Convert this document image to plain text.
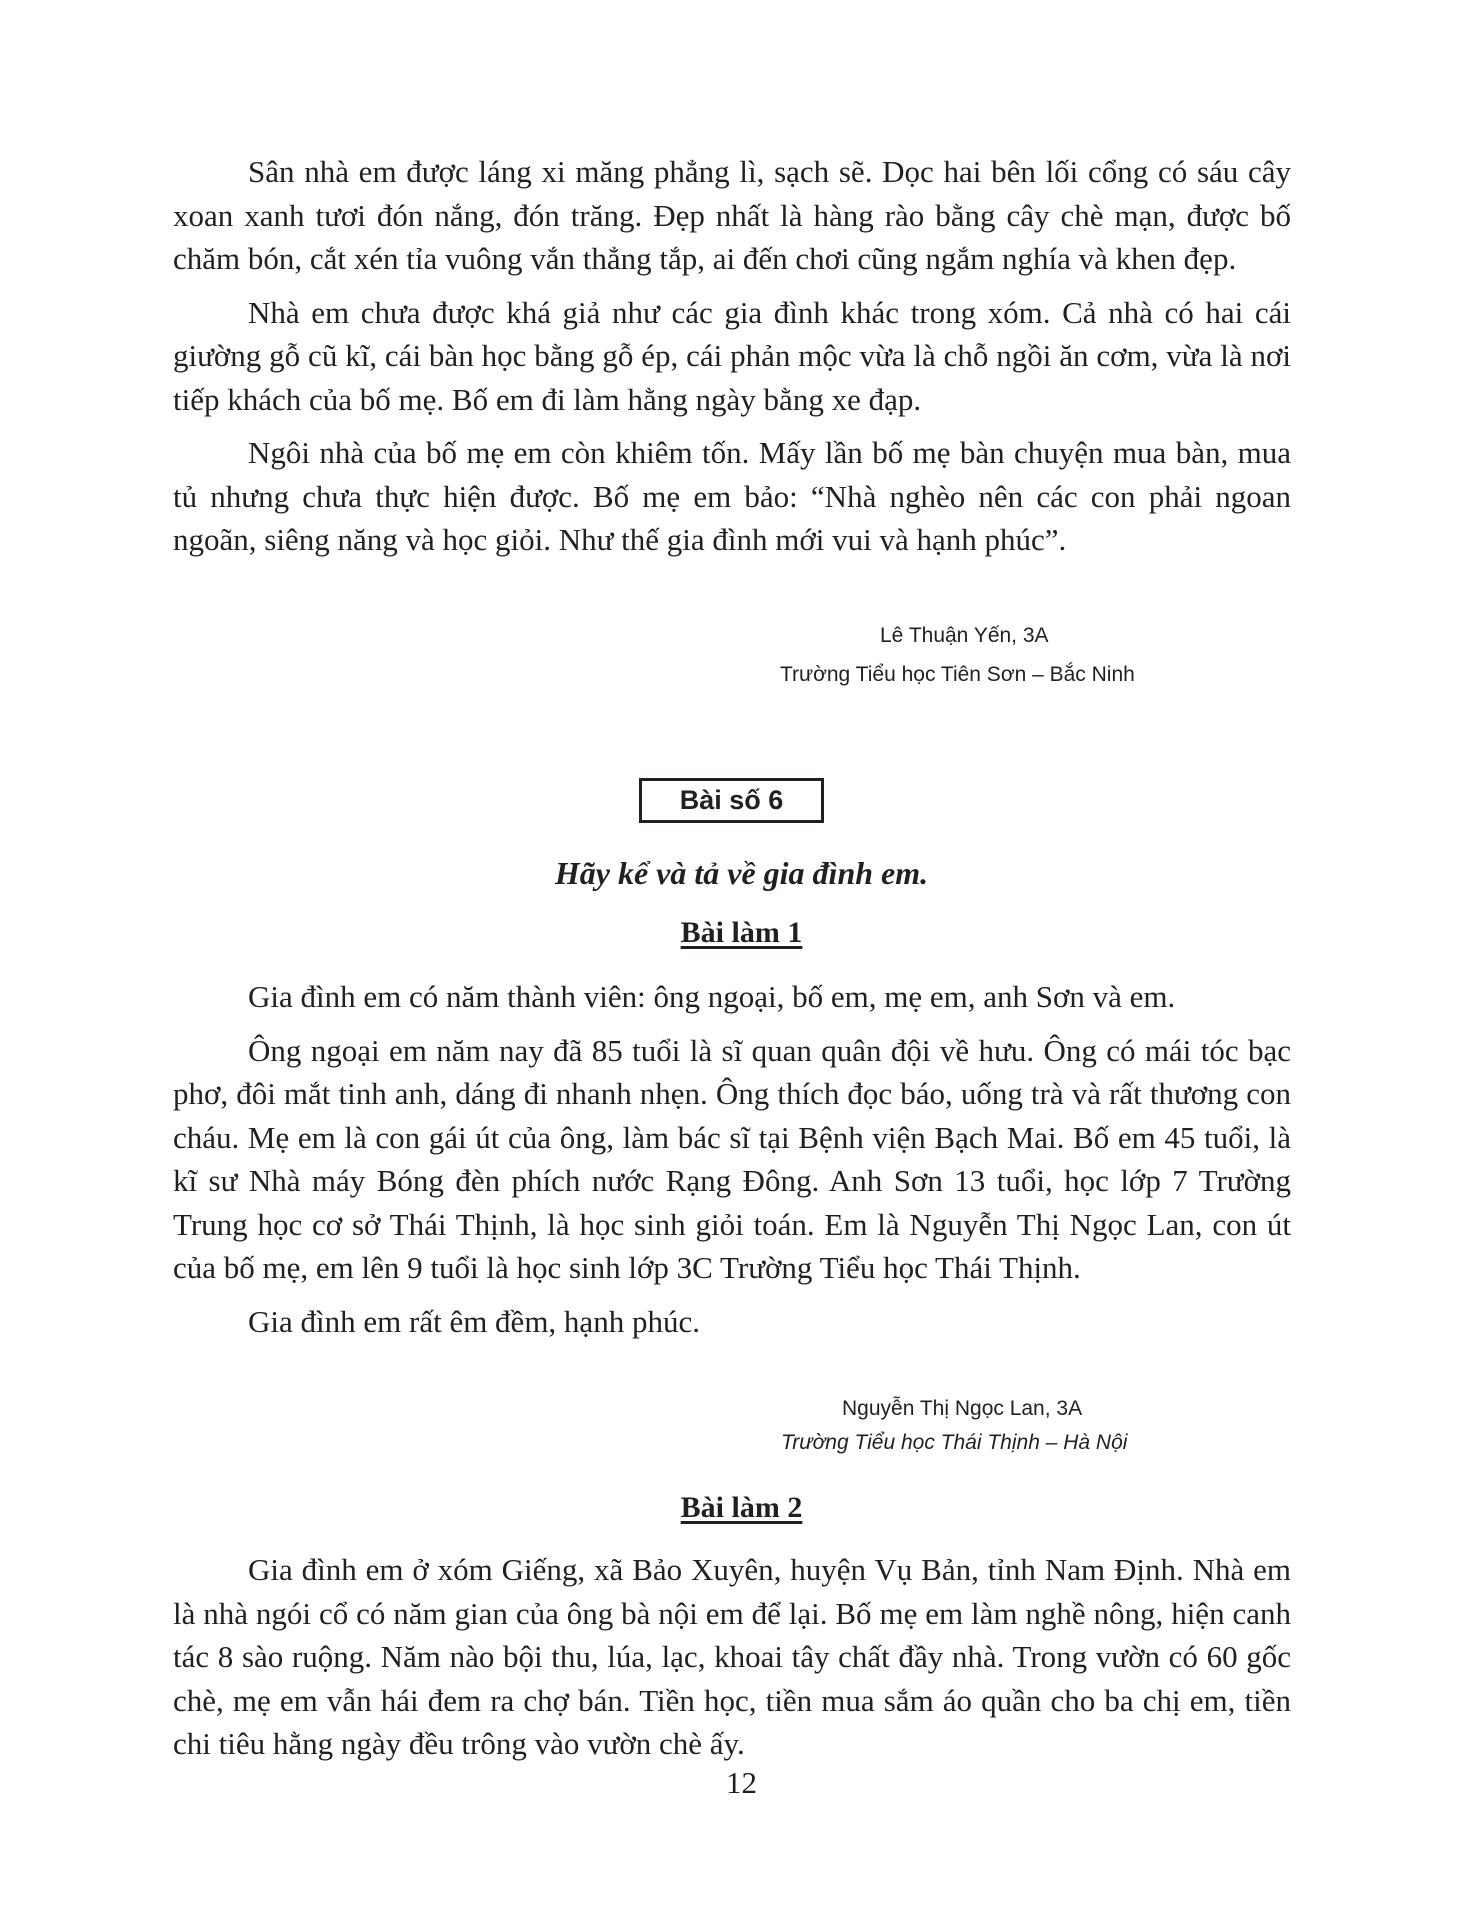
Sân nhà em được láng xi măng phẳng lì, sạch sẽ. Dọc hai bên lối cổng có sáu cây xoan xanh tươi đón nắng, đón trăng. Đẹp nhất là hàng rào bằng cây chè mạn, được bố chăm bón, cắt xén tỉa vuông vắn thẳng tắp, ai đến chơi cũng ngắm nghía và khen đẹp.

Nhà em chưa được khá giả như các gia đình khác trong xóm. Cả nhà có hai cái giường gỗ cũ kĩ, cái bàn học bằng gỗ ép, cái phản mộc vừa là chỗ ngồi ăn cơm, vừa là nơi tiếp khách của bố mẹ. Bố em đi làm hằng ngày bằng xe đạp.

Ngôi nhà của bố mẹ em còn khiêm tốn. Mấy lần bố mẹ bàn chuyện mua bàn, mua tủ nhưng chưa thực hiện được. Bố mẹ em bảo: “Nhà nghèo nên các con phải ngoan ngoãn, siêng năng và học giỏi. Như thế gia đình mới vui và hạnh phúc”.

Lê Thuận Yến, 3A
Trường Tiểu học Tiên Sơn – Bắc Ninh
Bài số 6
Hãy kể và tả về gia đình em.
Bài làm 1

Gia đình em có năm thành viên: ông ngoại, bố em, mẹ em, anh Sơn và em.

Ông ngoại em năm nay đã 85 tuổi là sĩ quan quân đội về hưu. Ông có mái tóc bạc phơ, đôi mắt tinh anh, dáng đi nhanh nhẹn. Ông thích đọc báo, uống trà và rất thương con cháu. Mẹ em là con gái út của ông, làm bác sĩ tại Bệnh viện Bạch Mai. Bố em 45 tuổi, là kĩ sư Nhà máy Bóng đèn phích nước Rạng Đông. Anh Sơn 13 tuổi, học lớp 7 Trường Trung học cơ sở Thái Thịnh, là học sinh giỏi toán. Em là Nguyễn Thị Ngọc Lan, con út của bố mẹ, em lên 9 tuổi là học sinh lớp 3C Trường Tiểu học Thái Thịnh.

Gia đình em rất êm đềm, hạnh phúc.

Nguyễn Thị Ngọc Lan, 3A
Trường Tiểu học Thái Thịnh – Hà Nội
Bài làm 2

Gia đình em ở xóm Giếng, xã Bảo Xuyên, huyện Vụ Bản, tỉnh Nam Định. Nhà em là nhà ngói cổ có năm gian của ông bà nội em để lại. Bố mẹ em làm nghề nông, hiện canh tác 8 sào ruộng. Năm nào bội thu, lúa, lạc, khoai tây chất đầy nhà. Trong vườn có 60 gốc chè, mẹ em vẫn hái đem ra chợ bán. Tiền học, tiền mua sắm áo quần cho ba chị em, tiền chi tiêu hằng ngày đều trông vào vườn chè ấy.

12
